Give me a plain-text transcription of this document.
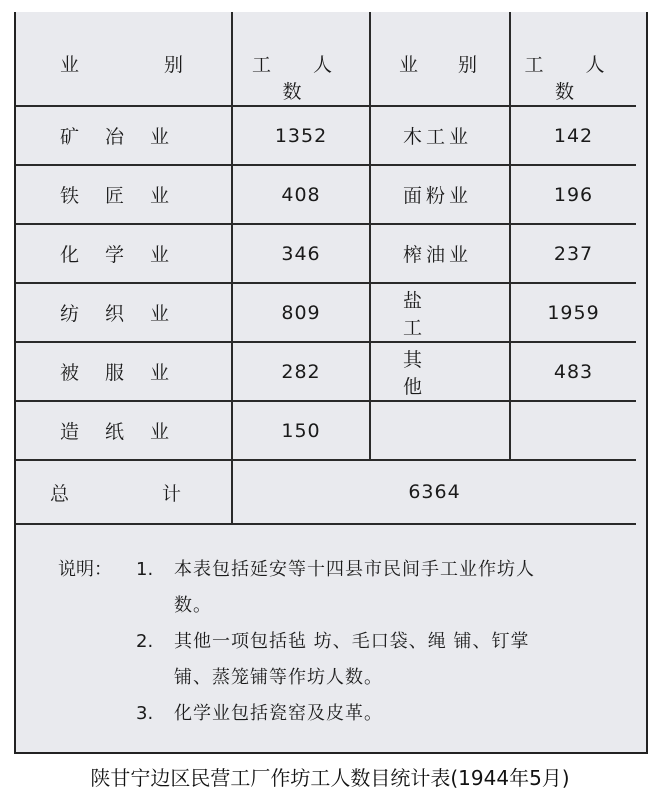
业 别	工 人 数	业 别	工 人 数

矿冶业	1352	木工业	142
铁匠业	408	面粉业	196
化学业	346	榨油业	237
纺织业	809	盐 工	1959
被服业	282	其 他	483
造纸业	150		

总 计	6364		
说明：	1.	本表包括延安等十四县市民间手工业作坊人
数。
2.	其他一项包括毡 坊、毛口袋、绳 铺、钉掌
铺、蒸笼铺等作坊人数。
3.	化学业包括瓷窑及皮革。
陕甘宁边区民营工厂作坊工人数目统计表(1944年5月)
